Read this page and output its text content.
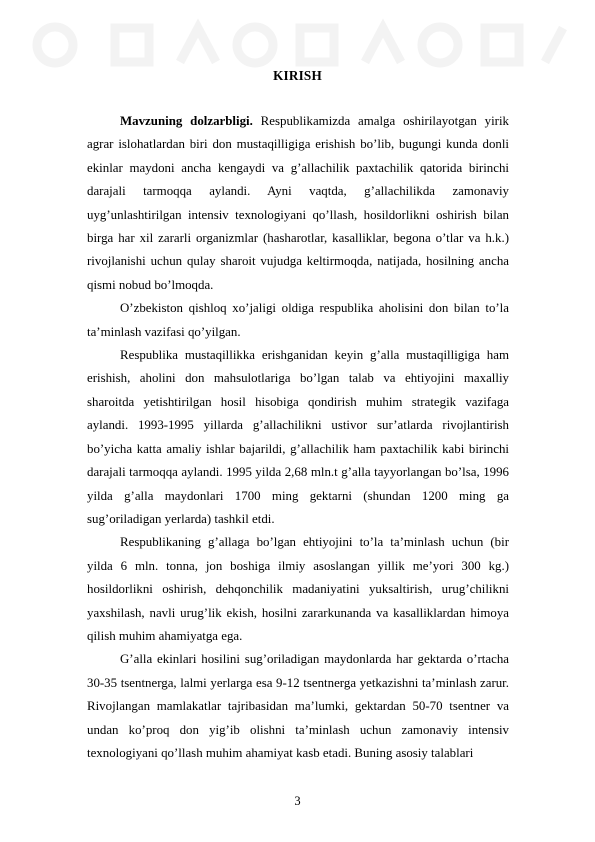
KIRISH

Mavzuning dolzarbligi. Respublikamizda amalga oshirilayotgan yirik agrar islohatlardan biri don mustaqilligiga erishish bo’lib, bugungi kunda donli ekinlar maydoni ancha kengaydi va g’allachilik paxtachilik qatorida birinchi darajali tarmoqqa aylandi. Ayni vaqtda, g’allachilikda zamonaviy uyg’unlashtirilgan intensiv texnologiyani qo’llash, hosildorlikni oshirish bilan birga har xil zararli organizmlar (hasharotlar, kasalliklar, begona o’tlar va h.k.) rivojlanishi uchun qulay sharoit vujudga keltirmoqda, natijada, hosilning ancha qismi nobud bo’lmoqda.

O’zbekiston qishloq xo’jaligi oldiga respublika aholisini don bilan to’la ta’minlash vazifasi qo’yilgan.

Respublika mustaqillikka erishganidan keyin g’alla mustaqilligiga ham erishish, aholini don mahsulotlariga bo’lgan talab va ehtiyojini maxalliy sharoitda yetishtirilgan hosil hisobiga qondirish muhim strategik vazifaga aylandi. 1993-1995 yillarda g’allachilikni ustivor sur’atlarda rivojlantirish bo’yicha katta amaliy ishlar bajarildi, g’allachilik ham paxtachilik kabi birinchi darajali tarmoqqa aylandi. 1995 yilda 2,68 mln.t g’alla tayyorlangan bo’lsa, 1996 yilda g’alla maydonlari 1700 ming gektarni (shundan 1200 ming ga sug’oriladigan yerlarda) tashkil etdi.

Respublikaning g’allaga bo’lgan ehtiyojini to’la ta’minlash uchun (bir yilda 6 mln. tonna, jon boshiga ilmiy asoslangan yillik me’yori 300 kg.) hosildorlikni oshirish, dehqonchilik madaniyatini yuksaltirish, urug’chilikni yaxshilash, navli urug’lik ekish, hosilni zararkunanda va kasalliklardan himoya qilish muhim ahamiyatga ega.

G’alla ekinlari hosilini sug’oriladigan maydonlarda har gektarda o’rtacha 30-35 tsentnerga, lalmi yerlarga esa 9-12 tsentnerga yetkazishni ta’minlash zarur. Rivojlangan mamlakatlar tajribasidan ma’lumki, gektardan 50-70 tsentner va undan ko’proq don yig’ib olishni ta’minlash uchun zamonaviy intensiv texnologiyani qo’llash muhim ahamiyat kasb etadi. Buning asosiy talablari

3
